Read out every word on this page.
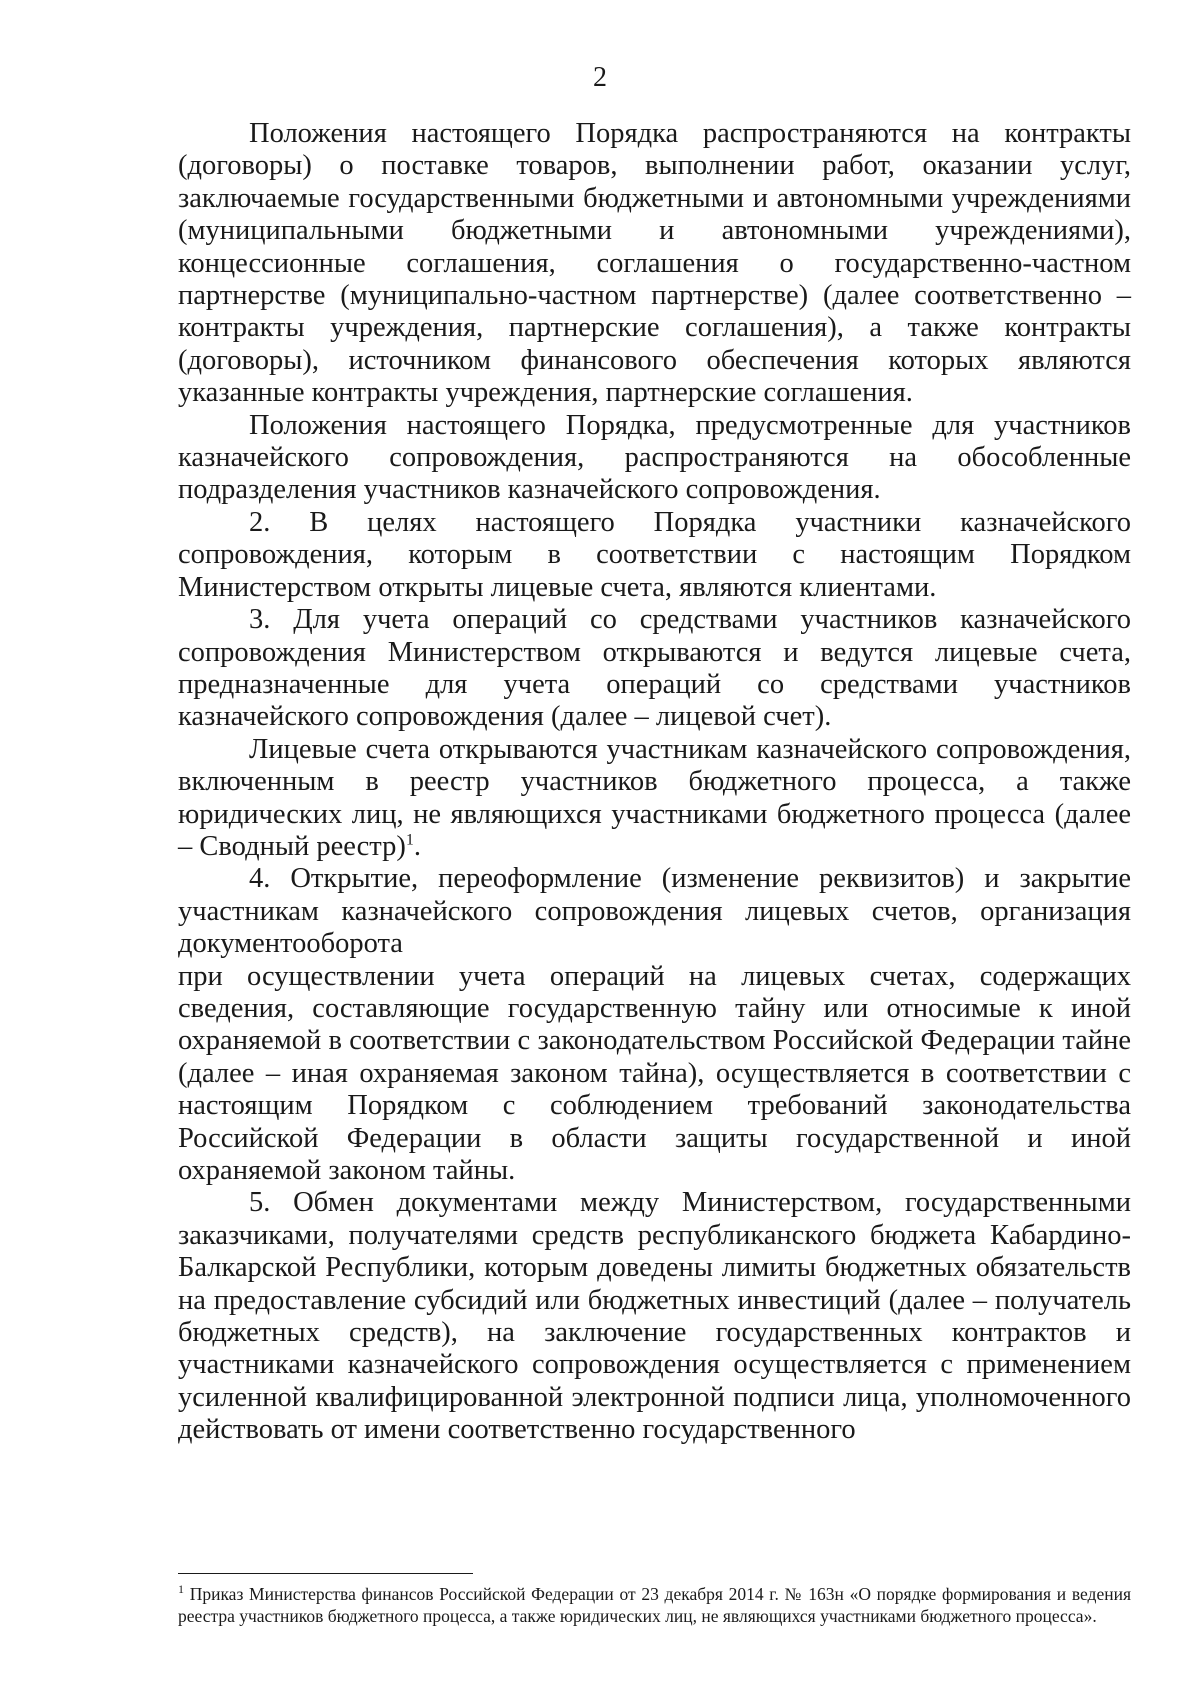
2

Положения настоящего Порядка распространяются на контракты (договоры) о поставке товаров, выполнении работ, оказании услуг, заключаемые государственными бюджетными и автономными учреждениями (муниципальными бюджетными и автономными учреждениями), концессионные соглашения, соглашения о государственно-частном партнерстве (муниципально-частном партнерстве) (далее соответственно – контракты учреждения, партнерские соглашения), а также контракты (договоры), источником финансового обеспечения которых являются указанные контракты учреждения, партнерские соглашения.

Положения настоящего Порядка, предусмотренные для участников казначейского сопровождения, распространяются на обособленные подразделения участников казначейского сопровождения.

2. В целях настоящего Порядка участники казначейского сопровождения, которым в соответствии с настоящим Порядком Министерством открыты лицевые счета, являются клиентами.

3. Для учета операций со средствами участников казначейского сопровождения Министерством открываются и ведутся лицевые счета, предназначенные для учета операций со средствами участников казначейского сопровождения (далее – лицевой счет).

Лицевые счета открываются участникам казначейского сопровождения, включенным в реестр участников бюджетного процесса, а также юридических лиц, не являющихся участниками бюджетного процесса (далее – Сводный реестр)$^1$.

4. Открытие, переоформление (изменение реквизитов) и закрытие участникам казначейского сопровождения лицевых счетов, организация документооборота

при осуществлении учета операций на лицевых счетах, содержащих сведения, составляющие государственную тайну или относимые к иной охраняемой в соответствии с законодательством Российской Федерации тайне (далее – иная охраняемая законом тайна), осуществляется в соответствии с настоящим Порядком с соблюдением требований законодательства Российской Федерации в области защиты государственной и иной охраняемой законом тайны.

5. Обмен документами между Министерством, государственными заказчиками, получателями средств республиканского бюджета Кабардино-Балкарской Республики, которым доведены лимиты бюджетных обязательств на предоставление субсидий или бюджетных инвестиций (далее – получатель бюджетных средств), на заключение государственных контрактов и участниками казначейского сопровождения осуществляется с применением усиленной квалифицированной электронной подписи лица, уполномоченного действовать от имени соответственно государственного

$^1$ Приказ Министерства финансов Российской Федерации от 23 декабря 2014 г. № 163н «О порядке формирования и ведения реестра участников бюджетного процесса, а также юридических лиц, не являющихся участниками бюджетного процесса».
